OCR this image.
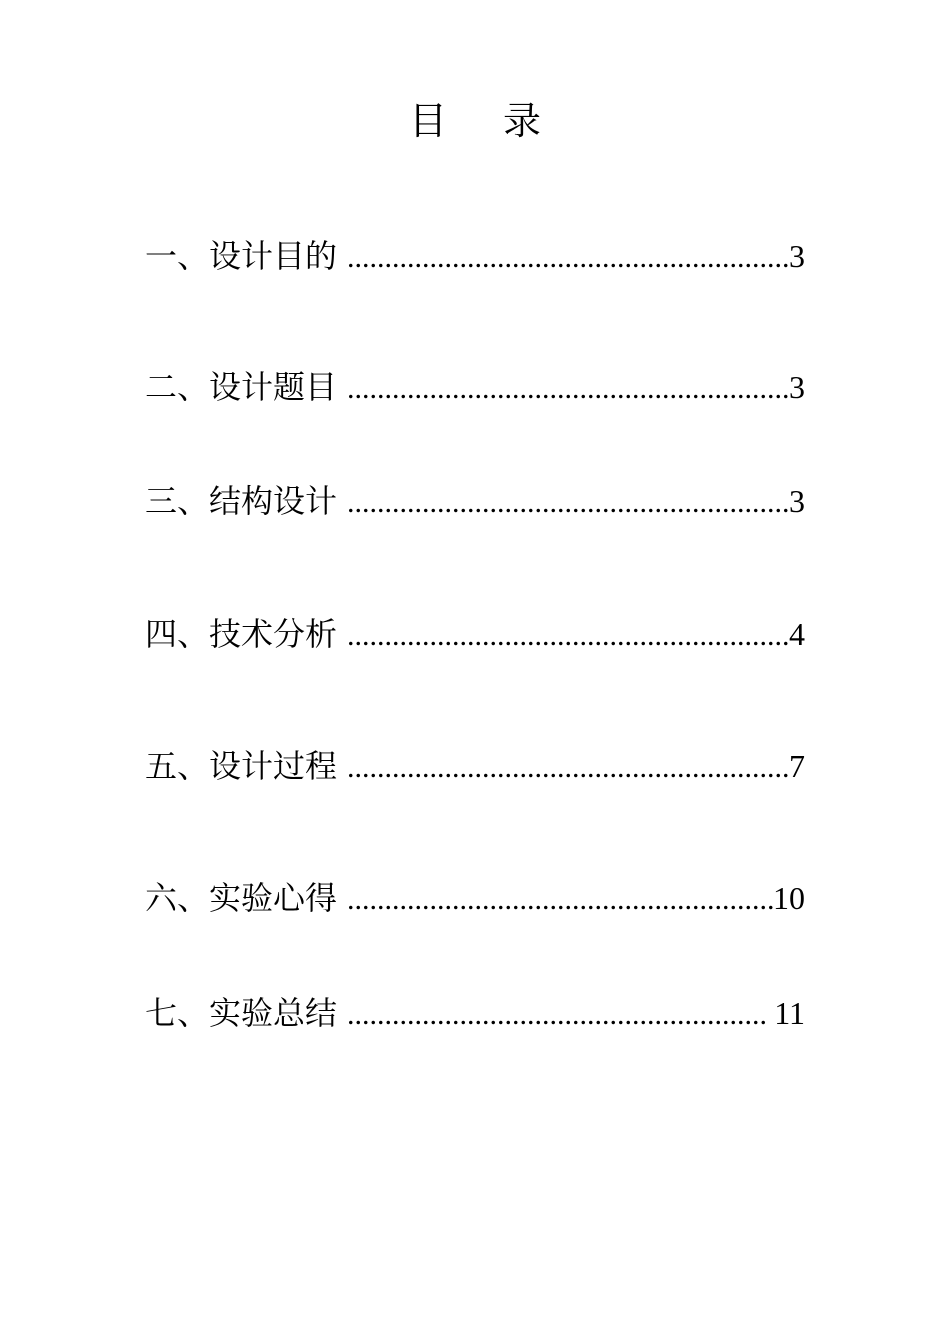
目 录
一、设计目的 .....	3
二、设计题目 .....	3
三、结构设计 .....	3
四、技术分析 .....	4
五、设计过程 .....	7
六、实验心得 .....	10
七、实验总结 .....	11
